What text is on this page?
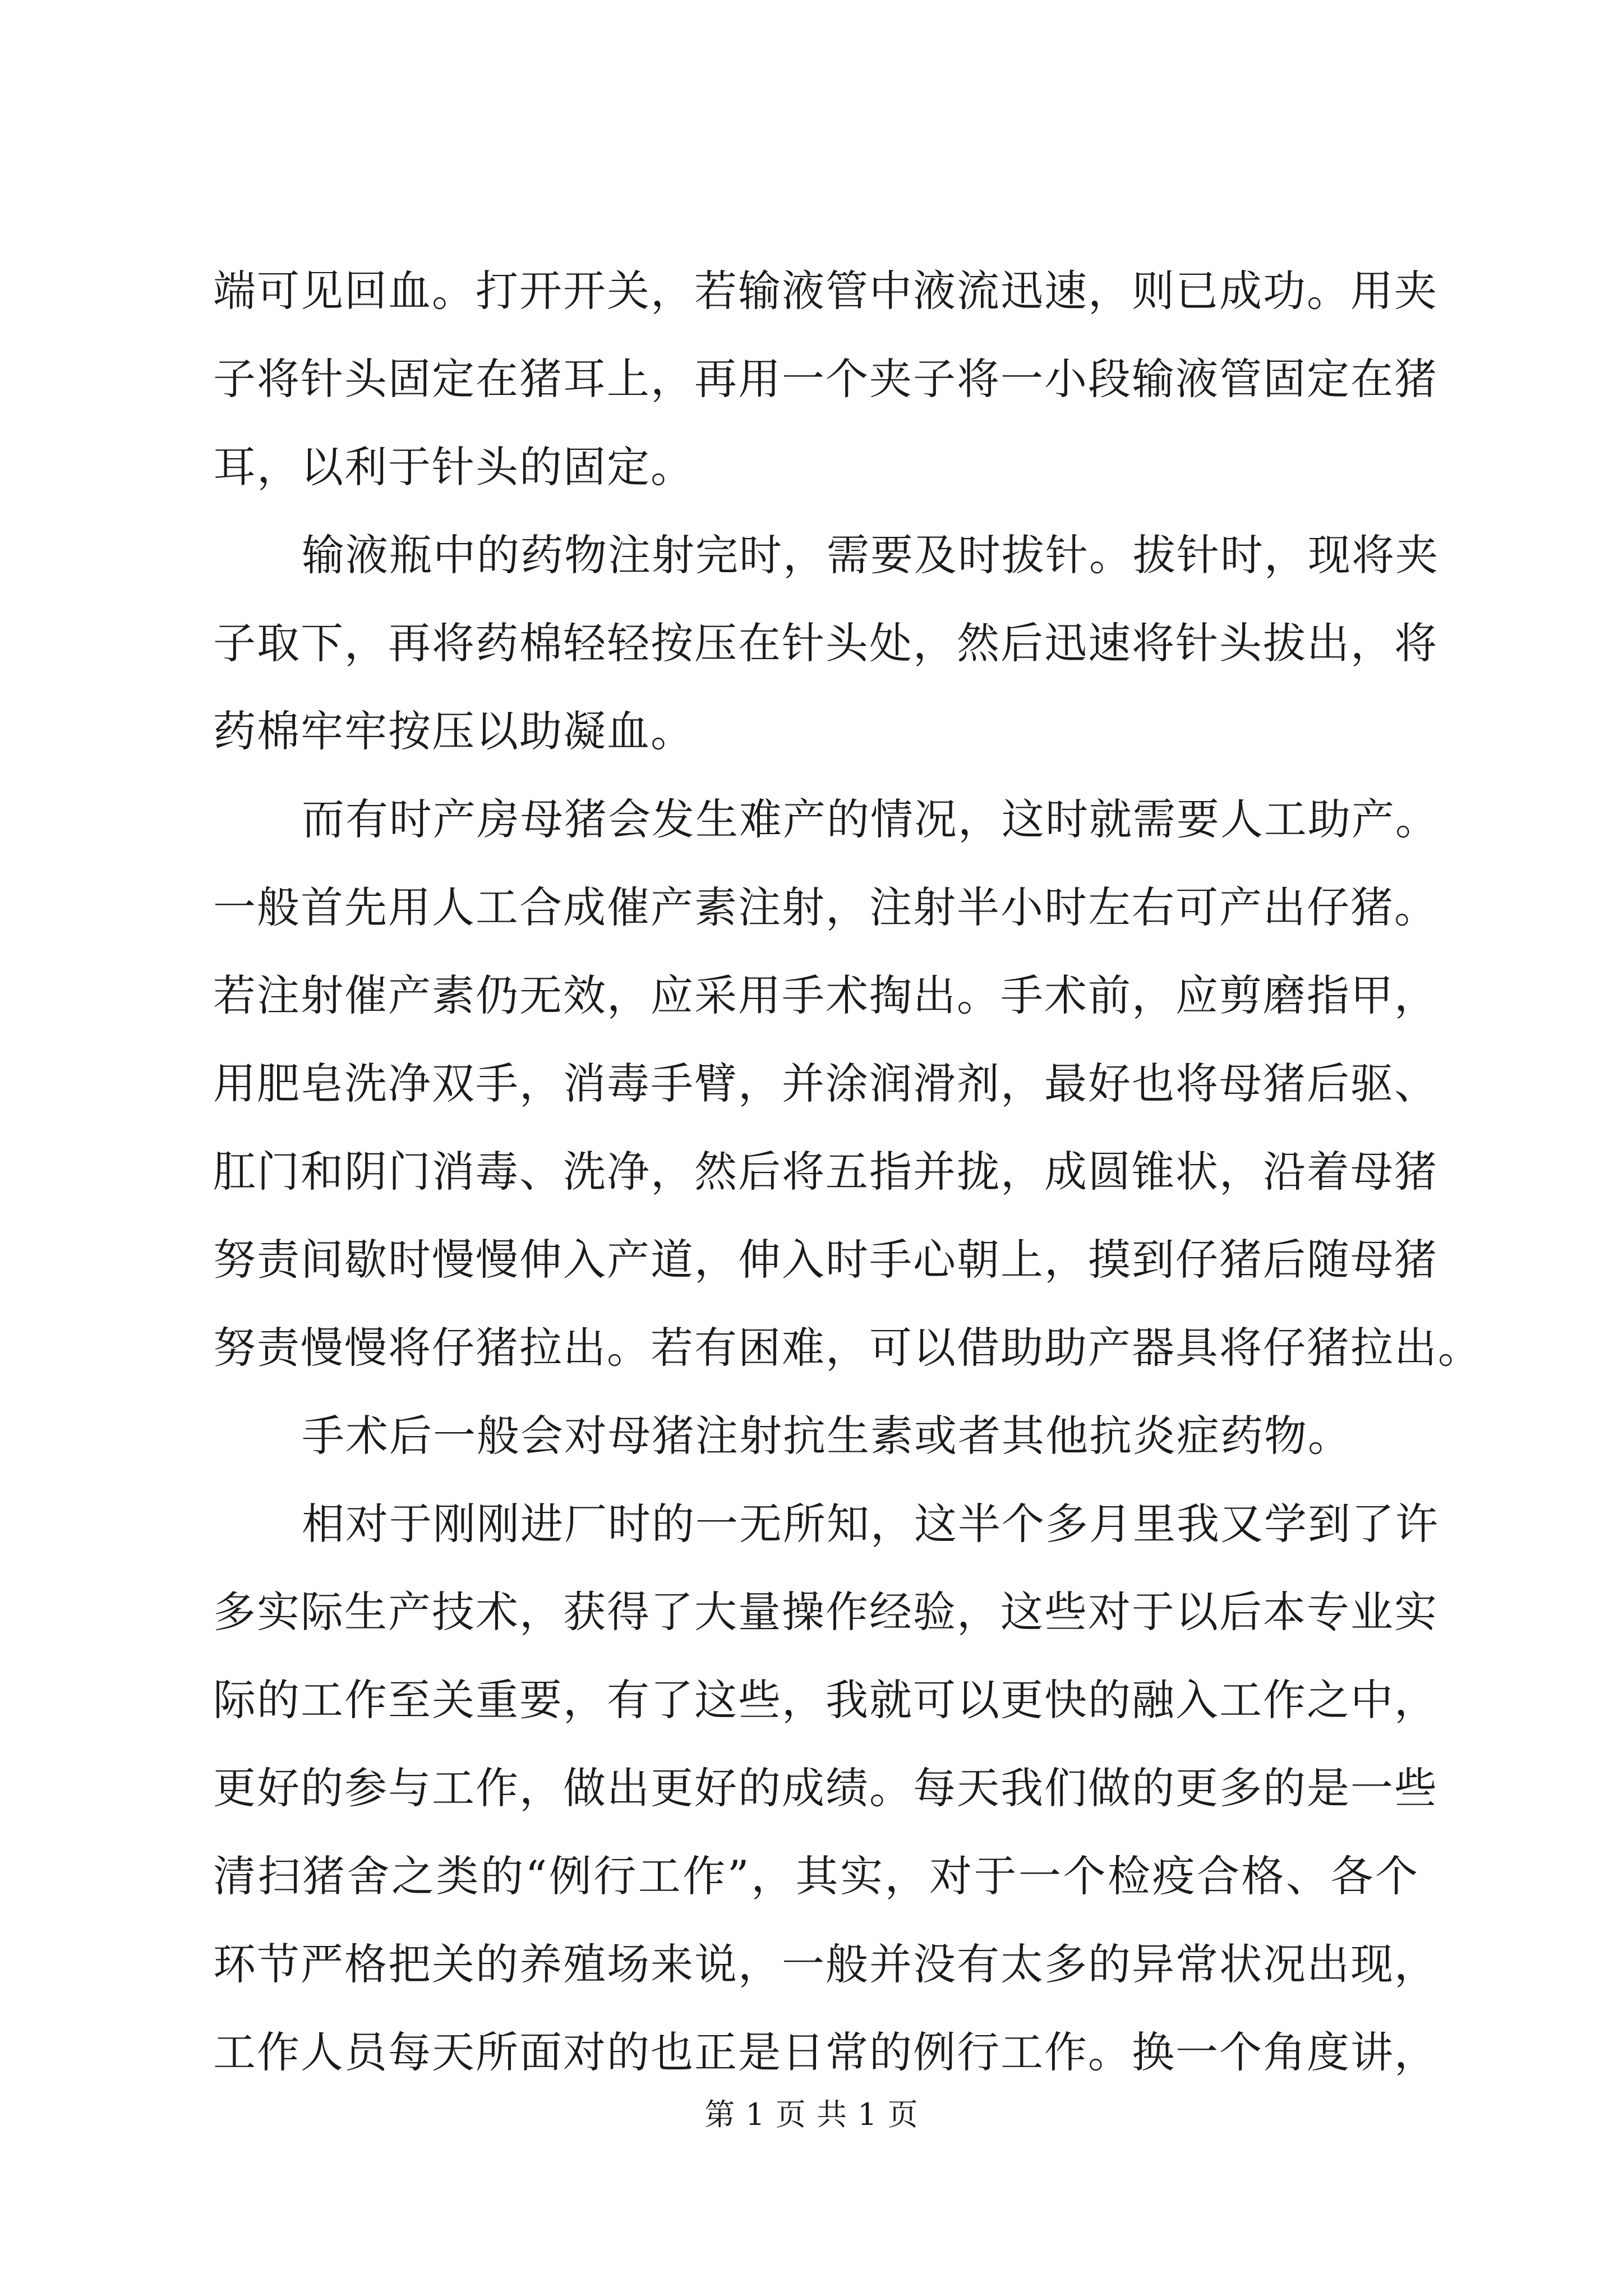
端可见回血。打开开关，若输液管中液流迅速，则已成功。用夹
子将针头固定在猪耳上，再用一个夹子将一小段输液管固定在猪
耳，以利于针头的固定。
输液瓶中的药物注射完时，需要及时拔针。拔针时，现将夹
子取下，再将药棉轻轻按压在针头处，然后迅速将针头拔出，将
药棉牢牢按压以助凝血。
而有时产房母猪会发生难产的情况，这时就需要人工助产。
一般首先用人工合成催产素注射，注射半小时左右可产出仔猪。
若注射催产素仍无效，应采用手术掏出。手术前，应剪磨指甲，
用肥皂洗净双手，消毒手臂，并涂润滑剂，最好也将母猪后驱、
肛门和阴门消毒、洗净，然后将五指并拢，成圆锥状，沿着母猪
努责间歇时慢慢伸入产道，伸入时手心朝上，摸到仔猪后随母猪
努责慢慢将仔猪拉出。若有困难，可以借助助产器具将仔猪拉出。
手术后一般会对母猪注射抗生素或者其他抗炎症药物。
相对于刚刚进厂时的一无所知，这半个多月里我又学到了许
多实际生产技术，获得了大量操作经验，这些对于以后本专业实
际的工作至关重要，有了这些，我就可以更快的融入工作之中，
更好的参与工作，做出更好的成绩。每天我们做的更多的是一些
清扫猪舍之类的“例行工作”，其实，对于一个检疫合格、各个
环节严格把关的养殖场来说，一般并没有太多的异常状况出现，
工作人员每天所面对的也正是日常的例行工作。换一个角度讲，
第 1 页 共 1 页
